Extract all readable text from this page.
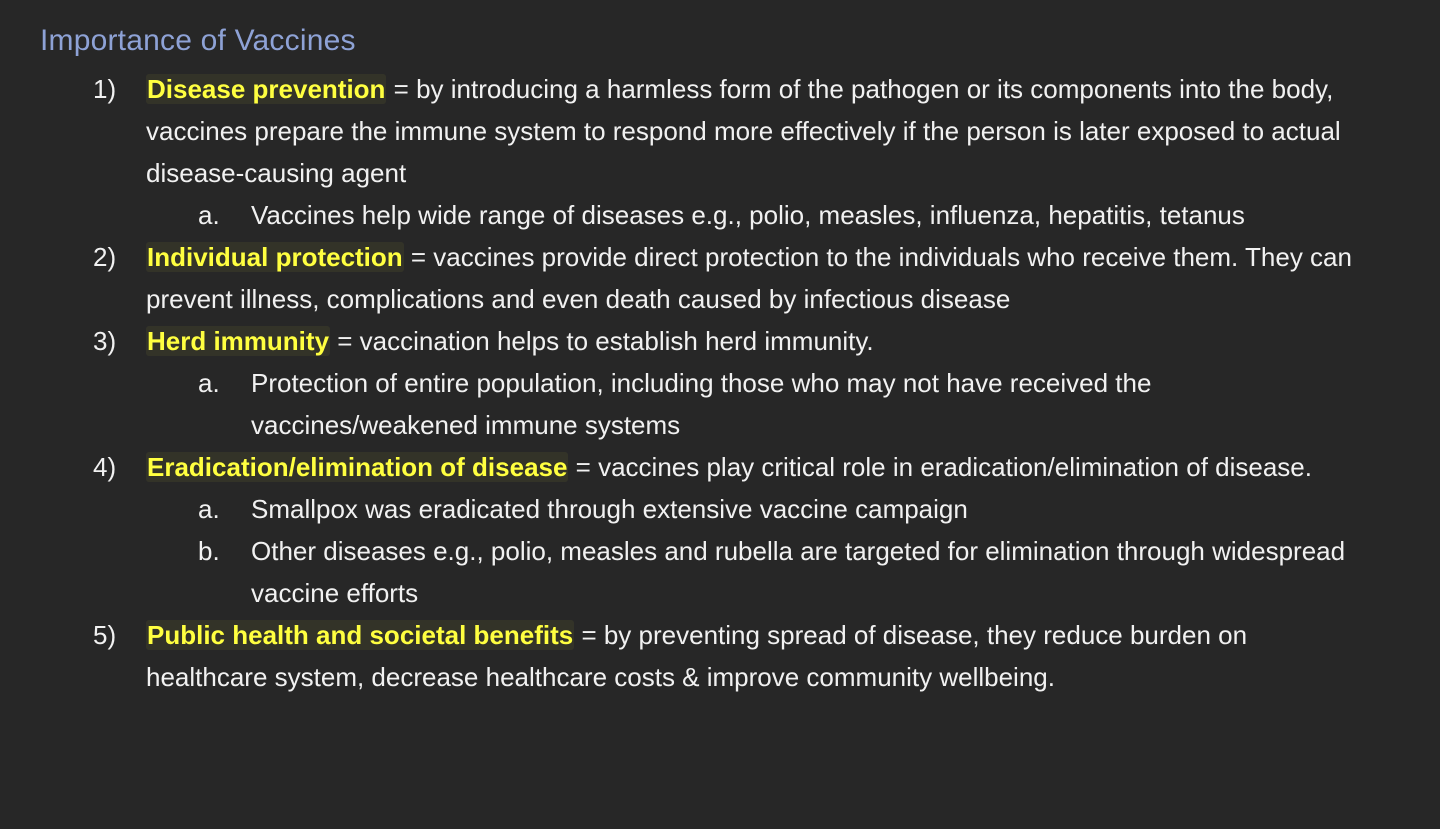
Importance of Vaccines
1) Disease prevention = by introducing a harmless form of the pathogen or its components into the body, vaccines prepare the immune system to respond more effectively if the person is later exposed to actual disease-causing agent
a. Vaccines help wide range of diseases e.g., polio, measles, influenza, hepatitis, tetanus
2) Individual protection = vaccines provide direct protection to the individuals who receive them. They can prevent illness, complications and even death caused by infectious disease
3) Herd immunity = vaccination helps to establish herd immunity.
a. Protection of entire population, including those who may not have received the vaccines/weakened immune systems
4) Eradication/elimination of disease = vaccines play critical role in eradication/elimination of disease.
a. Smallpox was eradicated through extensive vaccine campaign
b. Other diseases e.g., polio, measles and rubella are targeted for elimination through widespread vaccine efforts
5) Public health and societal benefits = by preventing spread of disease, they reduce burden on healthcare system, decrease healthcare costs & improve community wellbeing.
